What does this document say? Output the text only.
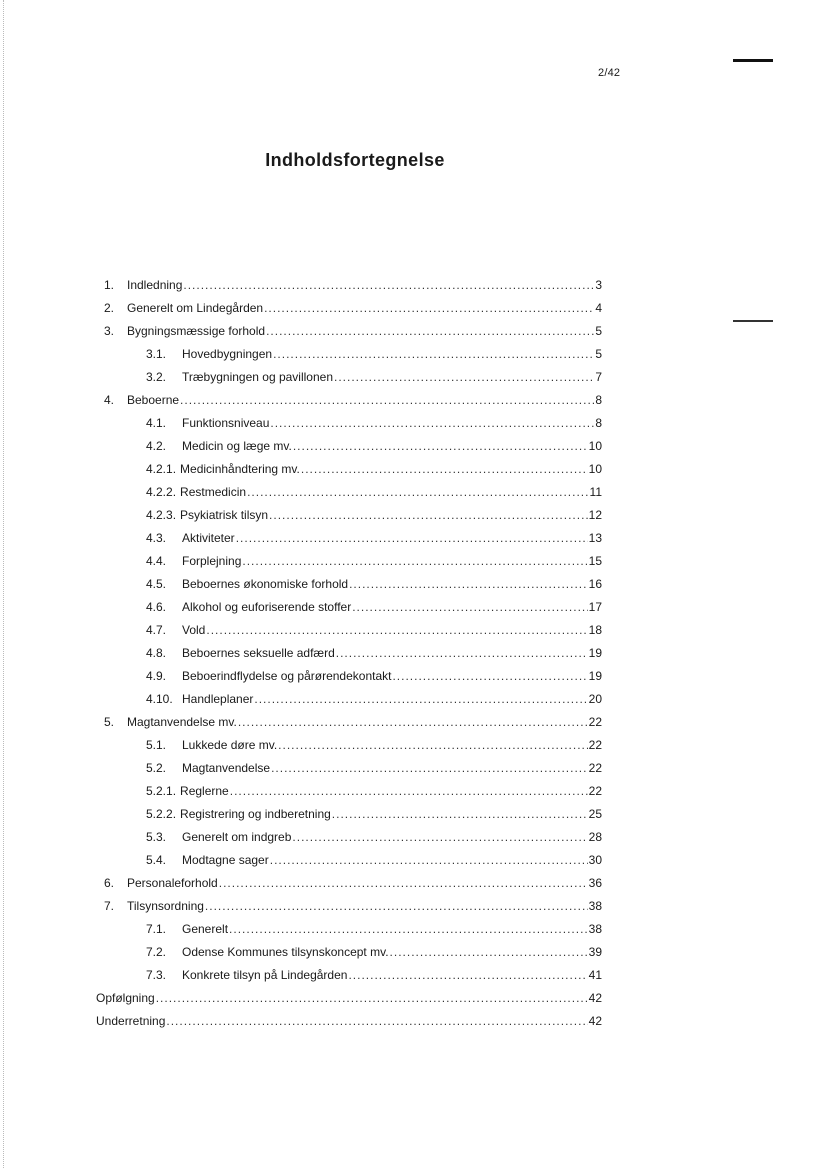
2/42
Indholdsfortegnelse
1.	Indledning .....	3
2.	Generelt om Lindegården .....	4
3.	Bygningsmæssige forhold .....	5
3.1.	Hovedbygningen .....	5
3.2.	Træbygningen og pavillonen .....	7
4.	Beboerne .....	8
4.1.	Funktionsniveau .....	8
4.2.	Medicin og læge mv. .....	10
4.2.1. Medicinhåndtering mv. .....	10
4.2.2. Restmedicin .....	11
4.2.3. Psykiatrisk tilsyn .....	12
4.3.	Aktiviteter .....	13
4.4.	Forplejning .....	15
4.5.	Beboernes økonomiske forhold .....	16
4.6.	Alkohol og euforiserende stoffer .....	17
4.7.	Vold .....	18
4.8.	Beboernes seksuelle adfærd .....	19
4.9.	Beboerindflydelse og pårørendekontakt .....	19
4.10. Handleplaner .....	20
5.	Magtanvendelse mv. .....	22
5.1.	Lukkede døre mv. .....	22
5.2.	Magtanvendelse .....	22
5.2.1. Reglerne .....	22
5.2.2. Registrering og indberetning .....	25
5.3.	Generelt om indgreb .....	28
5.4.	Modtagne sager .....	30
6.	Personaleforhold .....	36
7.	Tilsynsordning .....	38
7.1.	Generelt .....	38
7.2.	Odense Kommunes tilsynskoncept mv. .....	39
7.3.	Konkrete tilsyn på Lindegården .....	41
Opfølgning .....	42
Underretning .....	42
